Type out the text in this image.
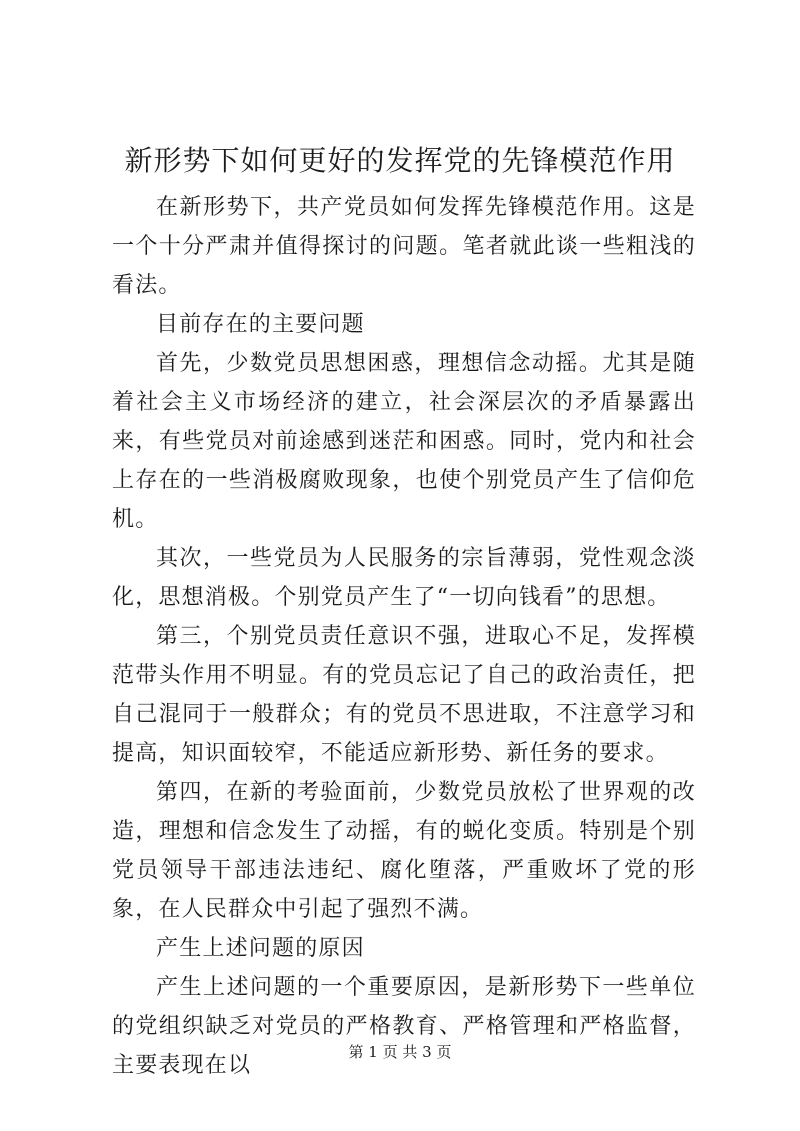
新形势下如何更好的发挥党的先锋模范作用

在新形势下，共产党员如何发挥先锋模范作用。这是一个十分严肃并值得探讨的问题。笔者就此谈一些粗浅的看法。

目前存在的主要问题

首先，少数党员思想困惑，理想信念动摇。尤其是随着社会主义市场经济的建立，社会深层次的矛盾暴露出来，有些党员对前途感到迷茫和困惑。同时，党内和社会上存在的一些消极腐败现象，也使个别党员产生了信仰危机。

其次，一些党员为人民服务的宗旨薄弱，党性观念淡化，思想消极。个别党员产生了“一切向钱看”的思想。

第三，个别党员责任意识不强，进取心不足，发挥模范带头作用不明显。有的党员忘记了自己的政治责任，把自己混同于一般群众；有的党员不思进取，不注意学习和提高，知识面较窄，不能适应新形势、新任务的要求。

第四，在新的考验面前，少数党员放松了世界观的改造，理想和信念发生了动摇，有的蜕化变质。特别是个别党员领导干部违法违纪、腐化堕落，严重败坏了党的形象，在人民群众中引起了强烈不满。

产生上述问题的原因

产生上述问题的一个重要原因，是新形势下一些单位的党组织缺乏对党员的严格教育、严格管理和严格监督，主要表现在以

第 1 页 共 3 页
